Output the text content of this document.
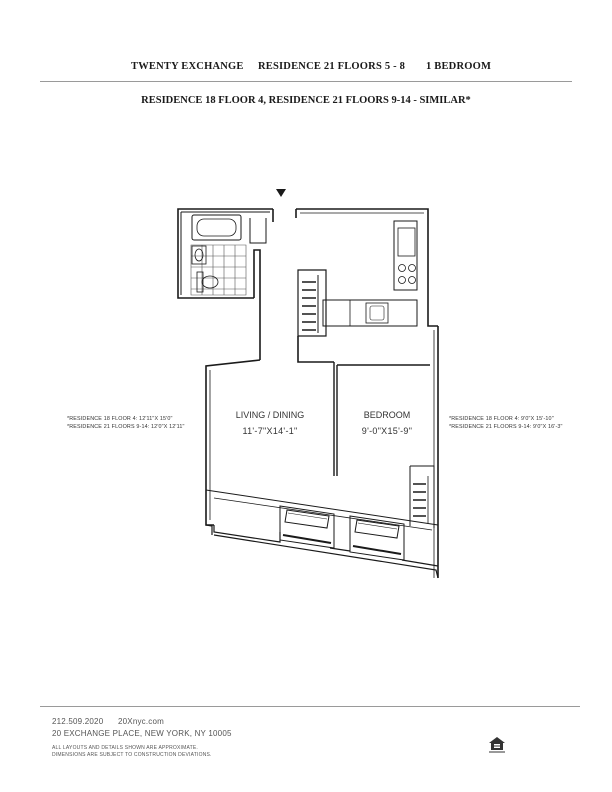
TWENTY EXCHANGE RESIDENCE 21 FLOORS 5 - 8 1 BEDROOM
RESIDENCE 18 FLOOR 4, RESIDENCE 21 FLOORS 9-14 - SIMILAR*
*RESIDENCE 18 FLOOR 4: 12'11"X 15'0"
*RESIDENCE 21 FLOORS 9-14: 12'0"X 12'11"
*RESIDENCE 18 FLOOR 4: 9'0"X 15'-10"
*RESIDENCE 21 FLOORS 9-14: 9'0"X 16'-3"
LIVING / DINING
11'-7"X14'-1"
BEDROOM
9'-0"X15'-9"
212.509.2020 20Xnyc.com
20 EXCHANGE PLACE, NEW YORK, NY 10005
ALL LAYOUTS AND DETAILS SHOWN ARE APPROXIMATE.
DIMENSIONS ARE SUBJECT TO CONSTRUCTION DEVIATIONS.
